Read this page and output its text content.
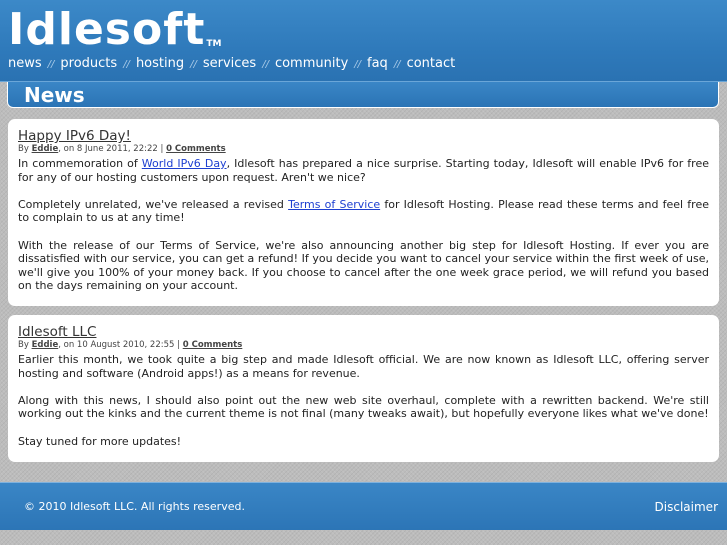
Idlesoft™
news // products // hosting // services // community // faq // contact
News
Happy IPv6 Day!
By Eddie, on 8 June 2011, 22:22 | 0 Comments

In commemoration of World IPv6 Day, Idlesoft has prepared a nice surprise. Starting today, Idlesoft will enable IPv6 for free for any of our hosting customers upon request. Aren't we nice?

Completely unrelated, we've released a revised Terms of Service for Idlesoft Hosting. Please read these terms and feel free to complain to us at any time!

With the release of our Terms of Service, we're also announcing another big step for Idlesoft Hosting. If ever you are dissatisfied with our service, you can get a refund! If you decide you want to cancel your service within the first week of use, we'll give you 100% of your money back. If you choose to cancel after the one week grace period, we will refund you based on the days remaining on your account.

Idlesoft LLC
By Eddie, on 10 August 2010, 22:55 | 0 Comments

Earlier this month, we took quite a big step and made Idlesoft official. We are now known as Idlesoft LLC, offering server hosting and software (Android apps!) as a means for revenue.

Along with this news, I should also point out the new web site overhaul, complete with a rewritten backend. We're still working out the kinks and the current theme is not final (many tweaks await), but hopefully everyone likes what we've done!

Stay tuned for more updates!

© 2010 Idlesoft LLC. All rights reserved.	Disclaimer
